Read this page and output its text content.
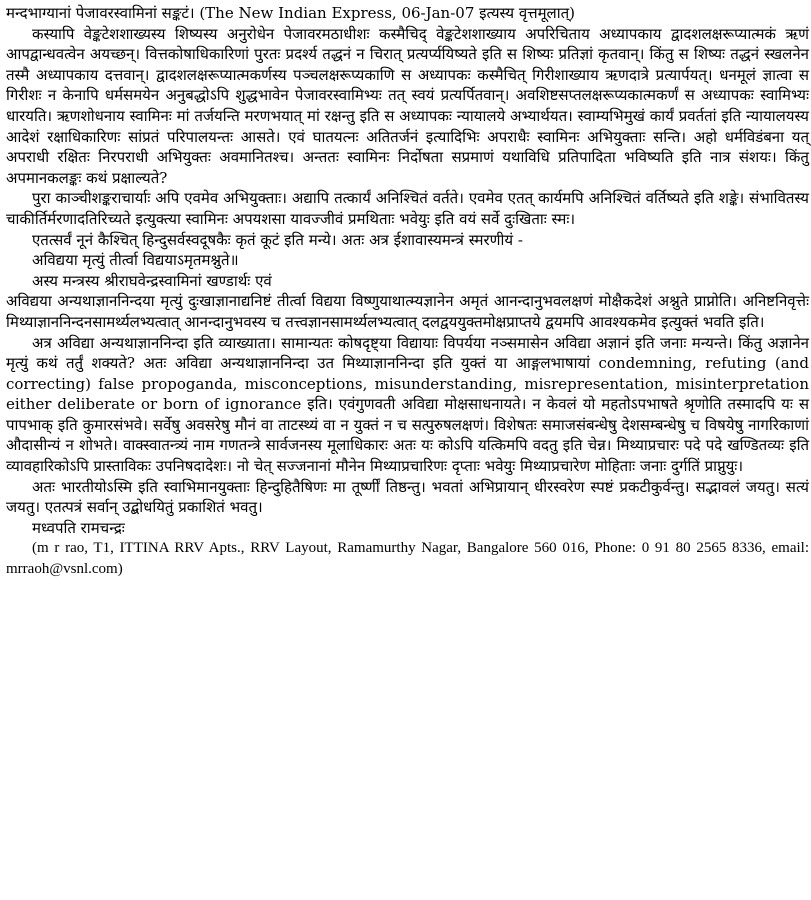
मन्दभाग्यानां पेजावरस्वामिनां सङ्कटं। (The New Indian Express, 06-Jan-07 इत्यस्य वृत्तमूलात्)

कस्यापि वेङ्कटेशशाख्यस्य शिष्यस्य अनुरोधेन पेजावरमठाधीशः कस्मैचिद् वेङ्कटेशशाख्याय अपरिचिताय अध्यापकाय द्वादशलक्षरूप्यात्मकं ऋणं आपद्वान्धवत्वेन अयच्छन्। वित्तकोषाधिकारिणां पुरतः प्रदर्श्य तद्धनं न चिरात् प्रत्यर्प्ययिष्यते इति स शिष्यः प्रतिज्ञां कृतवान्। किंतु स शिष्यः तद्धनं स्खलनेन तस्मै अध्यापकाय दत्तवान्। द्वादशलक्षरूप्यात्मकर्णस्य पञ्चलक्षरूप्यकाणि स अध्यापकः कस्मैचित् गिरीशाख्याय ऋणदात्रे प्रत्यार्पयत्। धनमूलं ज्ञात्वा स गिरीशः न केनापि धर्मसमयेन अनुबद्धोऽपि शुद्धभावेन पेजावरस्वामिभ्यः तत् स्वयं प्रत्यर्पितवान्। अवशिष्टसप्तलक्षरूप्यकात्मकर्णं स अध्यापकः स्वामिभ्यः धारयति। ऋणशोधनाय स्वामिनः मां तर्जयन्ति मरणभयात् मां रक्षन्तु इति स अध्यापकः न्यायालये अभ्यार्थयत। स्वाम्यभिमुखं कार्यं प्रवर्ततां इति न्यायालयस्य आदेशं रक्षाधिकारिणः सांप्रतं परिपालयन्तः आसते। एवं घातयत्नः अतितर्जनं इत्यादिभिः अपराधैः स्वामिनः अभियुक्ताः सन्ति। अहो धर्मविडंबना यत् अपराधी रक्षितः निरपराधी अभियुक्तः अवमानितश्च। अन्ततः स्वामिनः निर्दोषता सप्रमाणं यथाविधि प्रतिपादिता भविष्यति इति नात्र संशयः। किंतु अपमानकलङ्कः कथं प्रक्षाल्यते?

पुरा काञ्चीशङ्कराचार्याः अपि एवमेव अभियुक्ताः। अद्यापि तत्कार्यं अनिश्चितं वर्तते। एवमेव एतत् कार्यमपि अनिश्चितं वर्तिष्यते इति शङ्के। संभावितस्य चाकीर्तिर्मरणादतिरिच्यते इत्युक्त्या स्वामिनः अपयशसा यावज्जीवं प्रमथिताः भवेयुः इति वयं सर्वे दुःखिताः स्मः।

एतत्सर्वं नूनं कैश्चित् हिन्दुसर्वस्वदूषकैः कृतं कूटं इति मन्ये। अतः अत्र ईशावास्यमन्त्रं स्मरणीयं -

अविद्यया मृत्युं तीर्त्वा विद्ययाऽमृतमश्नुते॥

अस्य मन्त्रस्य श्रीराघवेन्द्रस्वामिनां खण्डार्थः एवं

अविद्यया अन्यथाज्ञाननिन्दया मृत्युं दुःखाज्ञानाद्यनिष्टं तीर्त्वा विद्यया विष्णुयाथात्म्यज्ञानेन अमृतं आनन्दानुभवलक्षणं मोक्षैकदेशं अश्नुते प्राप्नोति। अनिष्टनिवृत्तेः मिथ्याज्ञाननिन्दनसामर्थ्यलभ्यत्वात् आनन्दानुभवस्य च तत्त्वज्ञानसामर्थ्यलभ्यत्वात् दलद्वययुक्तमोक्षप्राप्तये द्वयमपि आवश्यकमेव इत्युक्तं भवति इति।

अत्र अविद्या अन्यथाज्ञाननिन्दा इति व्याख्याता। सामान्यतः कोषदृष्ट्या विद्यायाः विपर्यया नञ्समासेन अविद्या अज्ञानं इति जनाः मन्यन्ते। किंतु अज्ञानेन मृत्युं कथं तर्तुं शक्यते? अतः अविद्या अन्यथाज्ञाननिन्दा उत मिथ्याज्ञाननिन्दा इति युक्तं या आङ्गलभाषायां condemning, refuting (and correcting) false propoganda, misconceptions, misunderstanding, misrepresentation, misinterpretation either deliberate or born of ignorance इति। एवंगुणवती अविद्या मोक्षसाधनायते। न केवलं यो महतोऽपभाषते श्रृणोति तस्मादपि यः स पापभाक् इति कुमारसंभवे। सर्वेषु अवसरेषु मौनं वा ताटस्थ्यं वा न युक्तं न च सत्पुरुषलक्षणं। विशेषतः समाजसंबन्धेषु देशसम्बन्धेषु च विषयेषु नागरिकाणां औदासीन्यं न शोभते। वाक्स्वातन्त्र्यं नाम गणतन्त्रे सार्वजनस्य मूलाधिकारः अतः यः कोऽपि यत्किमपि वदतु इति चेन्न। मिथ्याप्रचारः पदे पदे खण्डितव्यः इति व्यावहारिकोऽपि प्रास्ताविकः उपनिषदादेशः। नो चेत् सज्जनानां मौनेन मिथ्याप्रचारिणः दृप्ताः भवेयुः मिथ्याप्रचारेण मोहिताः जनाः दुर्गतिं प्राप्नुयुः।

अतः भारतीयोऽस्मि इति स्वाभिमानयुक्ताः हिन्दुहितैषिणः मा तूर्ष्णीं तिष्ठन्तु। भवतां अभिप्रायान् धीरस्वरेण स्पष्टं प्रकटीकुर्वन्तु। सद्भावलं जयतु। सत्यं जयतु। एतत्पत्रं सर्वान् उद्बोधयितुं प्रकाशितं भवतु।

मध्वपति रामचन्द्रः

(m r rao, T1, ITTINA RRV Apts., RRV Layout, Ramamurthy Nagar, Bangalore 560 016, Phone: 0 91 80 2565 8336, email: mrraoh@vsnl.com)
